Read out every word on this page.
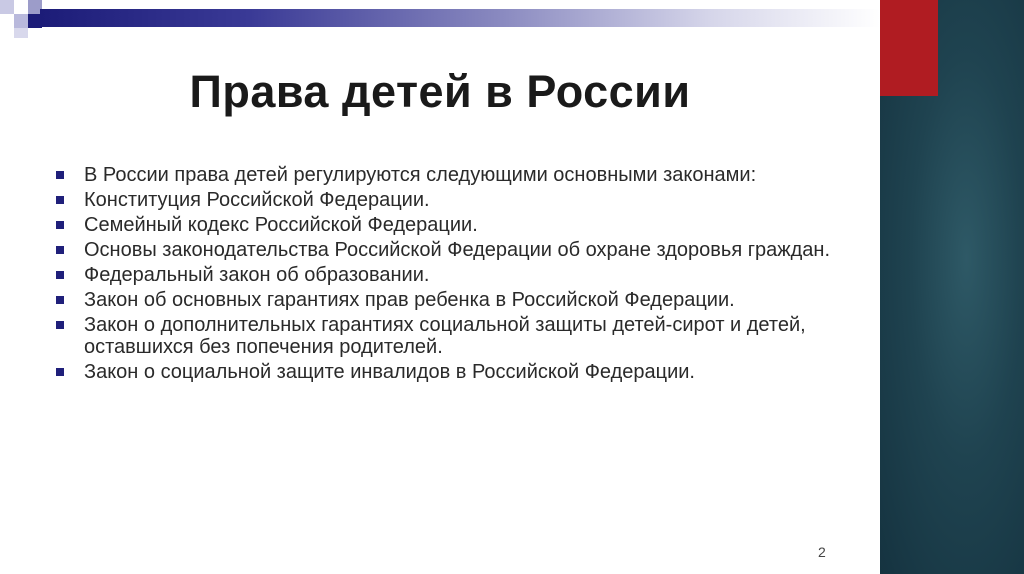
Права детей в России
В России права детей регулируются следующими основными законами:
Конституция Российской Федерации.
Семейный кодекс Российской Федерации.
Основы законодательства Российской Федерации об охране здоровья граждан.
Федеральный закон об образовании.
Закон об основных гарантиях прав ребенка в Российской Федерации.
Закон о дополнительных гарантиях социальной защиты детей-сирот и детей, оставшихся без попечения родителей.
Закон о социальной защите инвалидов в Российской Федерации.
2
